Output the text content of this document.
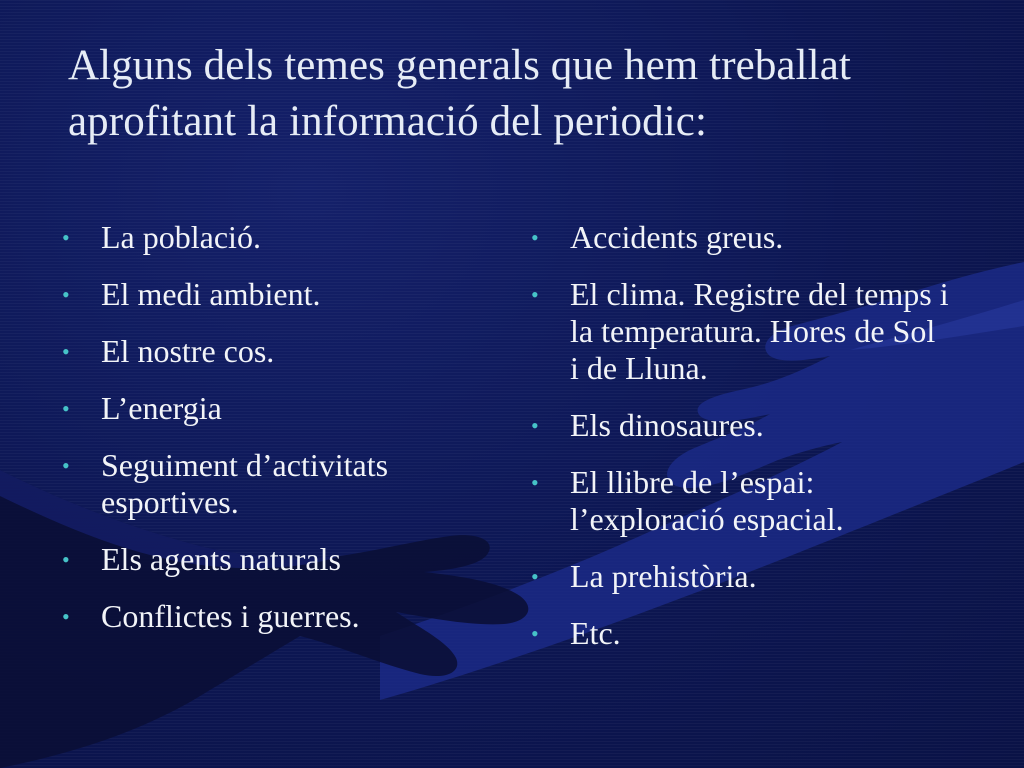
Alguns dels temes generals que hem treballat aprofitant la informació del periodic:
• La població.
• El medi ambient.
• El nostre cos.
• L’energia
• Seguiment d’activitats esportives.
• Els agents naturals
• Conflictes i guerres.
• Accidents greus.
• El clima. Registre del temps i la temperatura. Hores de Sol i de Lluna.
• Els dinosaures.
• El llibre de l’espai: l’exploració espacial.
• La prehistòria.
• Etc.
